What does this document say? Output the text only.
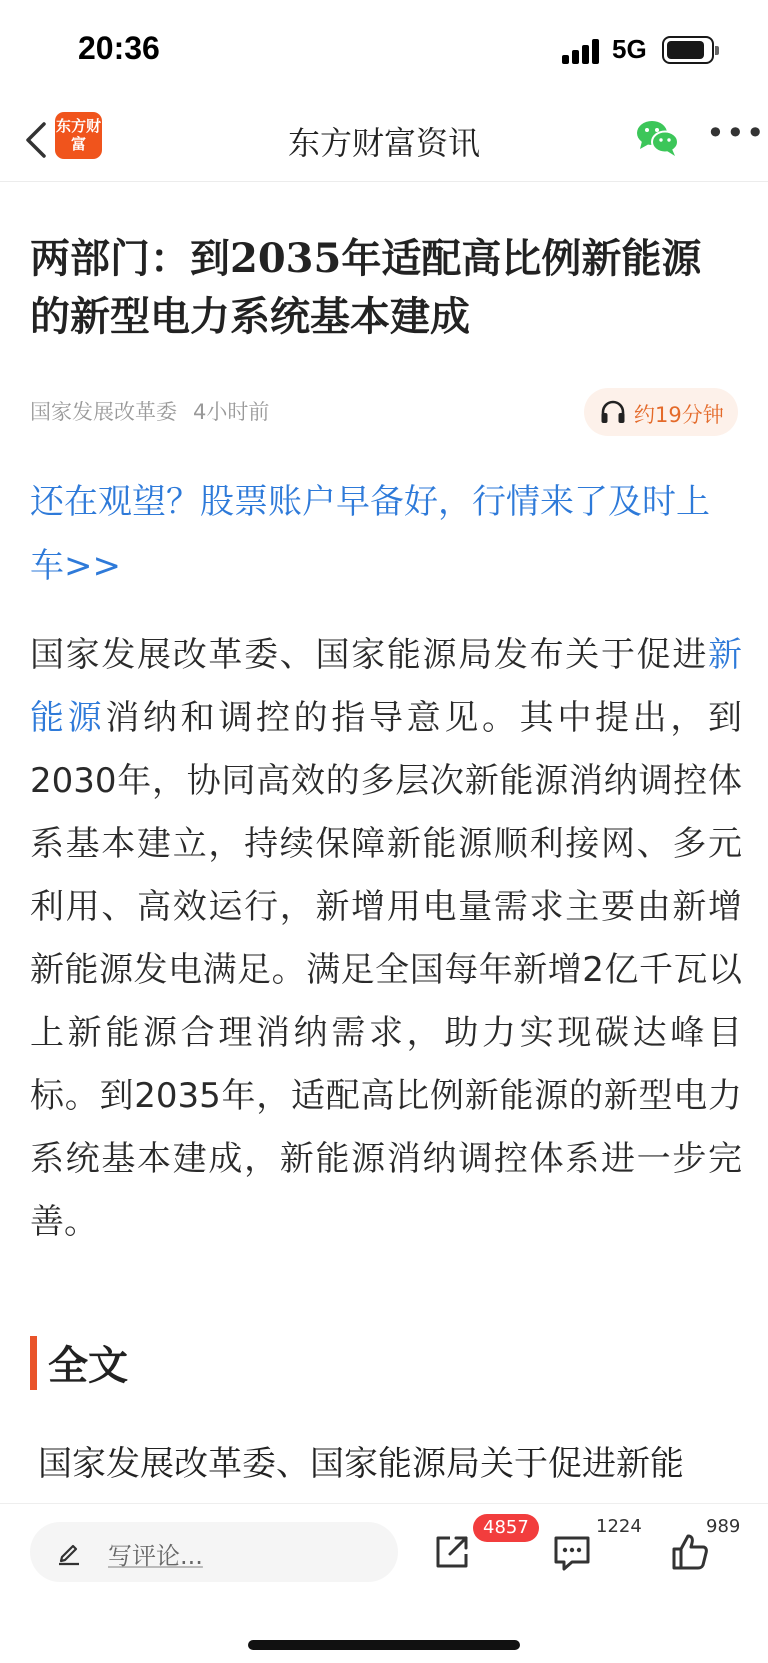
20:36	5G
东方财富	东方财富资讯	•••
两部门：到2035年适配高比例新能源的新型电力系统基本建成
国家发展改革委 4小时前	约19分钟
还在观望？股票账户早备好，行情来了及时上车>>
国家发展改革委、国家能源局发布关于促进新能源消纳和调控的指导意见。其中提出，到2030年，协同高效的多层次新能源消纳调控体系基本建立，持续保障新能源顺利接网、多元利用、高效运行，新增用电量需求主要由新增新能源发电满足。满足全国每年新增2亿千瓦以上新能源合理消纳需求，助力实现碳达峰目标。到2035年，适配高比例新能源的新型电力系统基本建成，新能源消纳调控体系进一步完善。
全文
国家发展改革委、国家能源局关于促进新能
写评论...
4857	1224	989
